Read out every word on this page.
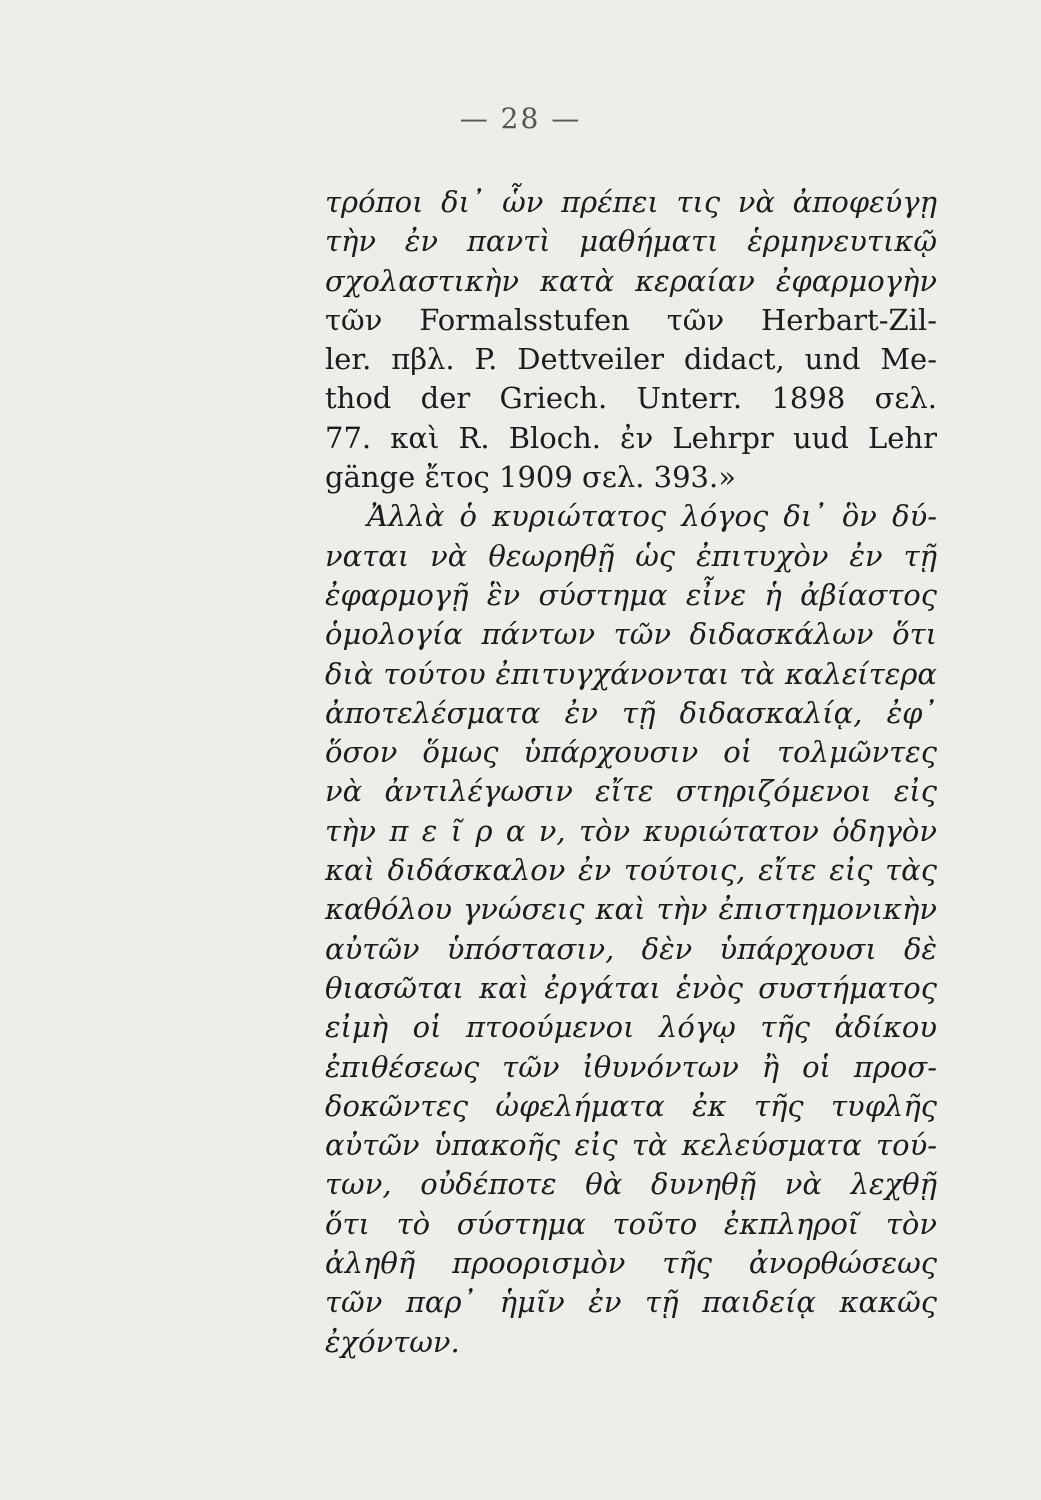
— 28 —
τρόποι δι᾽ ὧν πρέπει τις νὰ ἀποφεύγῃ
τὴν ἐν παντὶ μαθήματι ἑρμηνευτικῷ
σχολαστικὴν κατὰ κεραίαν ἐφαρμογὴν
τῶν Formalsstufen τῶν Herbart-Zil-
ler. πβλ. P. Dettveiler didact, und Me-
thod der Griech. Unterr. 1898 σελ.
77. καὶ R. Bloch. ἐν Lehrpr uud Lehr
gänge ἔτος 1909 σελ. 393.»
Ἀλλὰ ὁ κυριώτατος λόγος δι᾽ ὃν δύ-
ναται νὰ θεωρηθῇ ὡς ἐπιτυχὸν ἐν τῇ
ἐφαρμογῇ ἓν σύστημα εἶνε ἡ ἀβίαστος
ὁμολογία πάντων τῶν διδασκάλων ὅτι
διὰ τούτου ἐπιτυγχάνονται τὰ καλείτερα
ἀποτελέσματα ἐν τῇ διδασκαλίᾳ, ἐφ᾽
ὅσον ὅμως ὑπάρχουσιν οἱ τολμῶντες
νὰ ἀντιλέγωσιν εἴτε στηριζόμενοι εἰς
τὴν π ε ῖ ρ α ν, τὸν κυριώτατον ὁδηγὸν
καὶ διδάσκαλον ἐν τούτοις, εἴτε εἰς τὰς
καθόλου γνώσεις καὶ τὴν ἐπιστημονικὴν
αὐτῶν ὑπόστασιν, δὲν ὑπάρχουσι δὲ
θιασῶται καὶ ἐργάται ἑνὸς συστήματος
εἰμὴ οἱ πτοούμενοι λόγῳ τῆς ἀδίκου
ἐπιθέσεως τῶν ἰθυνόντων ἢ οἱ προσ-
δοκῶντες ὠφελήματα ἐκ τῆς τυφλῆς
αὐτῶν ὑπακοῆς εἰς τὰ κελεύσματα τού-
των, οὐδέποτε θὰ δυνηθῇ νὰ λεχθῇ
ὅτι τὸ σύστημα τοῦτο ἐκπληροῖ τὸν
ἀληθῆ προορισμὸν τῆς ἀνορθώσεως
τῶν παρ᾽ ἡμῖν ἐν τῇ παιδείᾳ κακῶς
ἐχόντων.
